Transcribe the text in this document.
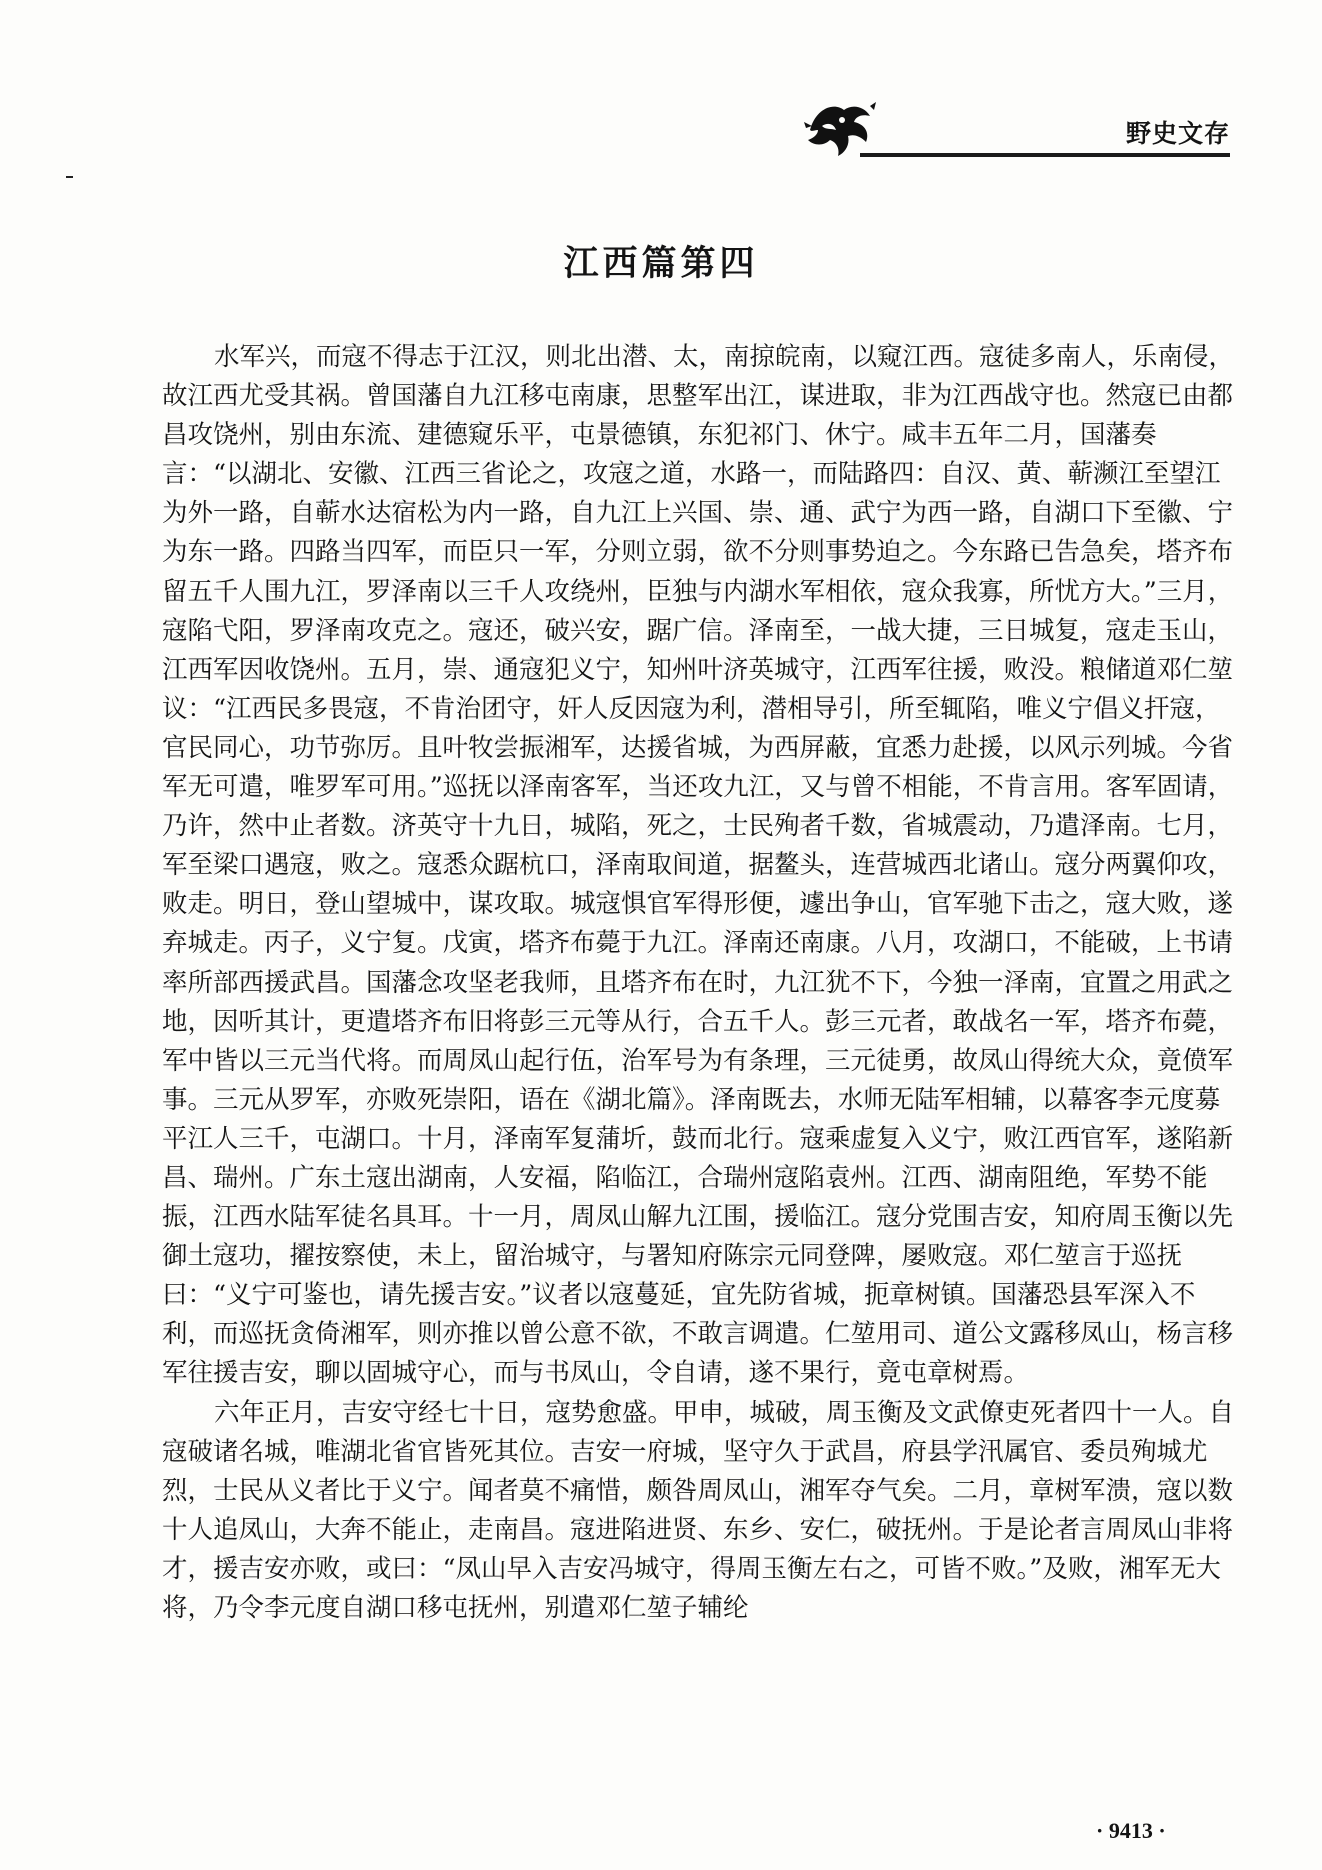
野史文存
江西篇第四

水军兴，而寇不得志于江汉，则北出潜、太，南掠皖南，以窥江西。寇徒多南人，乐南侵，故江西尤受其祸。曾国藩自九江移屯南康，思整军出江，谋进取，非为江西战守也。然寇已由都昌攻饶州，别由东流、建德窥乐平，屯景德镇，东犯祁门、休宁。咸丰五年二月，国藩奏言：“以湖北、安徽、江西三省论之，攻寇之道，水路一，而陆路四：自汉、黄、蕲濒江至望江为外一路，自蕲水达宿松为内一路，自九江上兴国、崇、通、武宁为西一路，自湖口下至徽、宁为东一路。四路当四军，而臣只一军，分则立弱，欲不分则事势迫之。今东路已告急矣，塔齐布留五千人围九江，罗泽南以三千人攻绕州，臣独与内湖水军相依，寇众我寡，所忧方大。”三月，寇陷弋阳，罗泽南攻克之。寇还，破兴安，踞广信。泽南至，一战大捷，三日城复，寇走玉山，江西军因收饶州。五月，崇、通寇犯义宁，知州叶济英城守，江西军往援，败没。粮储道邓仁堃议：“江西民多畏寇，不肯治团守，奸人反因寇为利，潜相导引，所至辄陷，唯义宁倡义扞寇，官民同心，功节弥厉。且叶牧尝振湘军，达援省城，为西屏蔽，宜悉力赴援，以风示列城。今省军无可遣，唯罗军可用。”巡抚以泽南客军，当还攻九江，又与曾不相能，不肯言用。客军固请，乃许，然中止者数。济英守十九日，城陷，死之，士民殉者千数，省城震动，乃遣泽南。七月，军至梁口遇寇，败之。寇悉众踞杭口，泽南取间道，据鳌头，连营城西北诸山。寇分两翼仰攻，败走。明日，登山望城中，谋攻取。城寇惧官军得形便，遽出争山，官军驰下击之，寇大败，遂弃城走。丙子，义宁复。戊寅，塔齐布薨于九江。泽南还南康。八月，攻湖口，不能破，上书请率所部西援武昌。国藩念攻坚老我师，且塔齐布在时，九江犹不下，今独一泽南，宜置之用武之地，因听其计，更遣塔齐布旧将彭三元等从行，合五千人。彭三元者，敢战名一军，塔齐布薨，军中皆以三元当代将。而周凤山起行伍，治军号为有条理，三元徒勇，故凤山得统大众，竟偾军事。三元从罗军，亦败死崇阳，语在《湖北篇》。泽南既去，水师无陆军相辅，以幕客李元度募平江人三千，屯湖口。十月，泽南军复蒲圻，鼓而北行。寇乘虚复入义宁，败江西官军，遂陷新昌、瑞州。广东土寇出湖南，人安福，陷临江，合瑞州寇陷袁州。江西、湖南阻绝，军势不能振，江西水陆军徒名具耳。十一月，周凤山解九江围，援临江。寇分党围吉安，知府周玉衡以先御土寇功，擢按察使，未上，留治城守，与署知府陈宗元同登陴，屡败寇。邓仁堃言于巡抚曰：“义宁可鉴也，请先援吉安。”议者以寇蔓延，宜先防省城，扼章树镇。国藩恐县军深入不利，而巡抚贪倚湘军，则亦推以曾公意不欲，不敢言调遣。仁堃用司、道公文露移凤山，杨言移军往援吉安，聊以固城守心，而与书凤山，令自请，遂不果行，竟屯章树焉。

六年正月，吉安守经七十日，寇势愈盛。甲申，城破，周玉衡及文武僚吏死者四十一人。自寇破诸名城，唯湖北省官皆死其位。吉安一府城，坚守久于武昌，府县学汛属官、委员殉城尤烈，士民从义者比于义宁。闻者莫不痛惜，颇咎周凤山，湘军夺气矣。二月，章树军溃，寇以数十人追凤山，大奔不能止，走南昌。寇进陷进贤、东乡、安仁，破抚州。于是论者言周凤山非将才，援吉安亦败，或曰：“凤山早入吉安冯城守，得周玉衡左右之，可皆不败。”及败，湘军无大将，乃令李元度自湖口移屯抚州，别遣邓仁堃子辅纶

· 9413 ·
